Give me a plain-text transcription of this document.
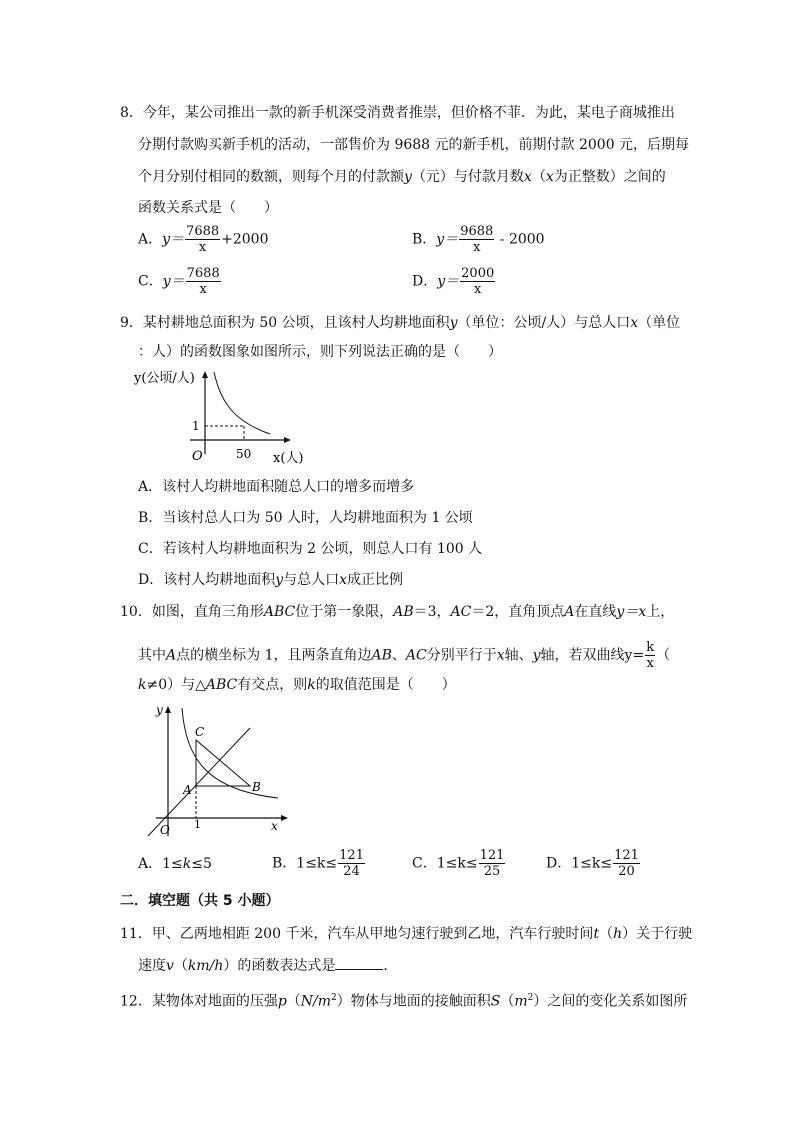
8．今年，某公司推出一款的新手机深受消费者推崇，但价格不菲．为此，某电子商城推出
分期付款购买新手机的活动，一部售价为 9688 元的新手机，前期付款 2000 元，后期每
个月分别付相同的数额，则每个月的付款额y（元）与付款月数x（x为正整数）之间的
函数关系式是（　　）
A．$y= \frac{7688}{x} +2000$	B．$y= \frac{9688}{x} - 2000$
C．$y= \frac{7688}{x}$	D．$y= \frac{2000}{x}$
9．某村耕地总面积为 50 公顷，且该村人均耕地面积y（单位：公顷/人）与总人口x（单位
：人）的函数图象如图所示，则下列说法正确的是（　　）
y(公顷/人)
1
O	50 x(人)
A．该村人均耕地面积随总人口的增多而增多
B．当该村总人口为 50 人时，人均耕地面积为 1 公顷
C．若该村人均耕地面积为 2 公顷，则总人口有 100 人
D．该村人均耕地面积y与总人口x成正比例
10．如图，直角三角形ABC位于第一象限，AB＝3，AC＝2，直角顶点A在直线y＝x上，
其中A点的横坐标为 1，且两条直角边AB、AC分别平行于x轴、y轴，若双曲线$y= \frac{k}{x}$ （
k≠0）与△ABC有交点，则k的取值范围是（　　）
y
C
A	B
O 1	x
A．1≤k≤5	B．$1\le k\le \frac{121}{24}$	C．$1\le k\le \frac{121}{25}$	D．$1\le k\le \frac{121}{20}$
二．填空题（共 5 小题）
11．甲、乙两地相距 200 千米，汽车从甲地匀速行驶到乙地，汽车行驶时间t（h）关于行驶
速度v（km/h）的函数表达式是	．
12．某物体对地面的压强$p(N/m^2)$物体与地面的接触面积$S(m^2)$之间的变化关系如图所
